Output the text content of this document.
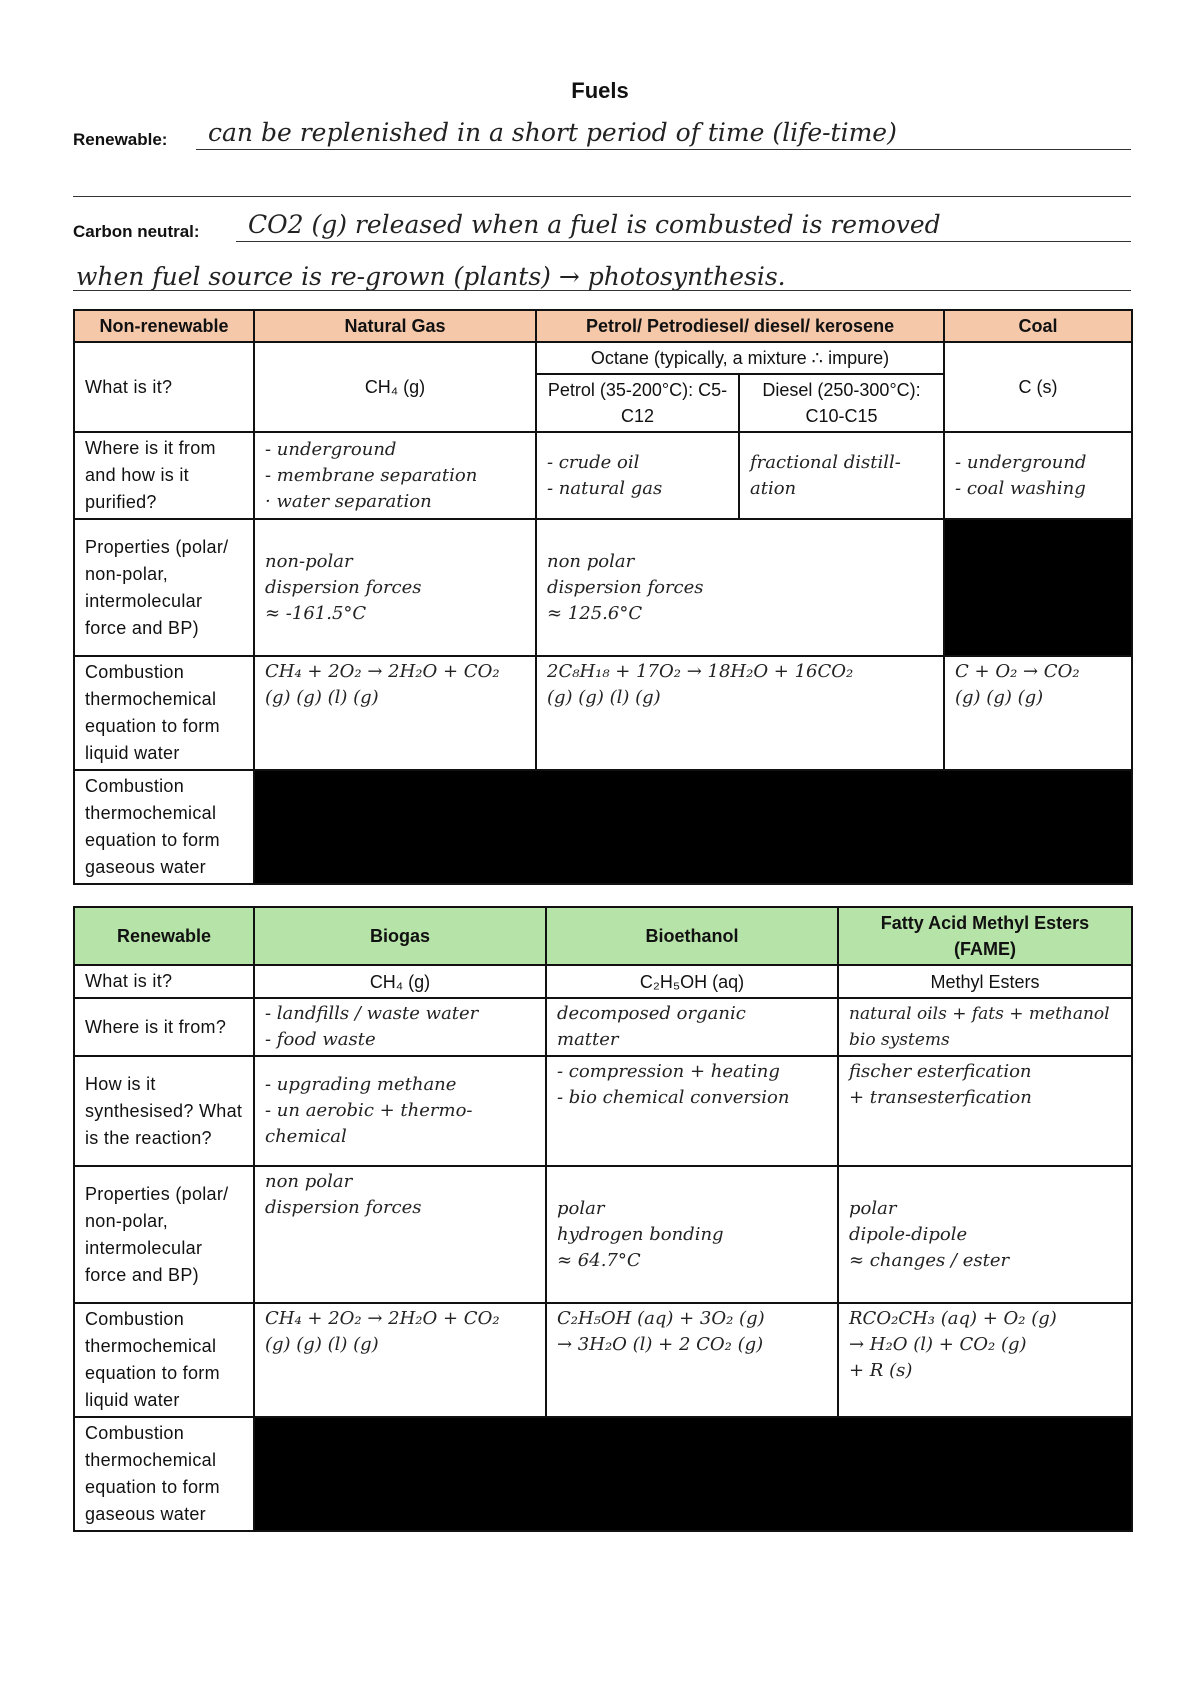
Fuels
Renewable: can be replenished in a short period of time (life-time)
Carbon neutral: CO2 (g) released when a fuel is combusted is removed
when fuel source is re-grown (plants) → photosynthesis.
Non-renewable	Natural Gas	Petrol/ Petrodiesel/ diesel/ kerosene		Coal
What is it?	CH₄ (g)	Octane (typically, a mixture ∴ impure)		C (s)
		Petrol (35-200°C): C5-C12	Diesel (250-300°C): C10-C15	
Where is it from and how is it purified?	- underground
- membrane separation
· water separation	- crude oil
- natural gas	fractional distill-
ation	- underground
- coal washing
Properties (polar/ non-polar, intermolecular force and BP)	non-polar
dispersion forces
≈ -161.5°C	non polar
dispersion forces
≈ 125.6°C		
Combustion thermochemical equation to form liquid water	CH₄ + 2O₂ → 2H₂O + CO₂
(g) (g) (l) (g)	2C₈H₁₈ + 17O₂ → 18H₂O + 16CO₂
(g) (g) (l) (g)		C + O₂ → CO₂
(g) (g) (g)
Combustion thermochemical equation to form gaseous water				
Renewable	Biogas	Bioethanol	Fatty Acid Methyl Esters (FAME)
What is it?	CH₄ (g)	C₂H₅OH (aq)	Methyl Esters
Where is it from?	- landfills / waste water
- food waste	decomposed organic
matter	natural oils + fats + methanol
bio systems
How is it synthesised? What is the reaction?	- upgrading methane
- un aerobic + thermo-
chemical	- compression + heating
- bio chemical conversion	fischer esterfication
+ transesterfication
Properties (polar/ non-polar, intermolecular force and BP)	non polar
dispersion forces	polar
hydrogen bonding
≈ 64.7°C	polar
dipole-dipole
≈ changes / ester
Combustion thermochemical equation to form liquid water	CH₄ + 2O₂ → 2H₂O + CO₂
(g) (g) (l) (g)	C₂H₅OH (aq) + 3O₂ (g)
→ 3H₂O (l) + 2 CO₂ (g)	RCO₂CH₃ (aq) + O₂ (g)
→ H₂O (l) + CO₂ (g)
+ R (s)
Combustion thermochemical equation to form gaseous water			
